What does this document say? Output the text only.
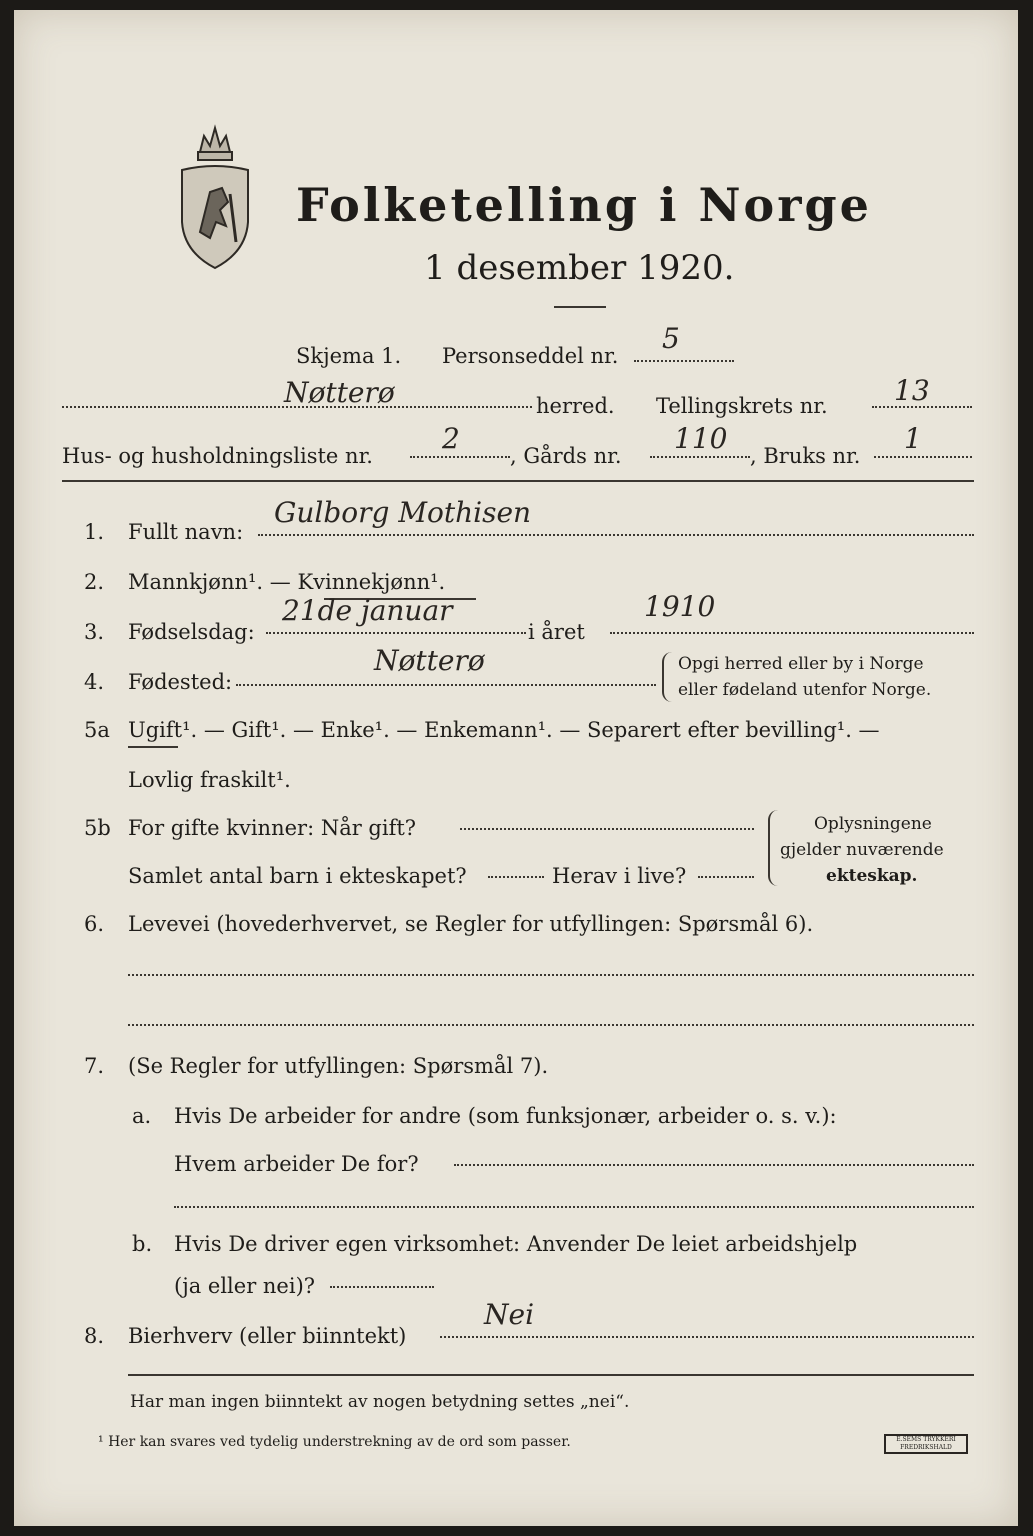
Folketelling i Norge
1 desember 1920.
Skjema 1. Personseddel nr.
5
Nøtterø	herred. Tellingskrets nr. 13
Hus- og husholdningsliste nr.
2
, Gårds nr.
110
, Bruks nr.
1
1. Fullt navn:
Gulborg Mothisen
2. Mannkjønn¹. — Kvinnekjønn¹.
3. Fødselsdag:
21de januar
i året
1910
4. Fødested:
Nøtterø	Opgi herred eller by i Norge
eller fødeland utenfor Norge.
5a Ugift¹. — Gift¹. — Enke¹. — Enkemann¹. — Separert efter bevilling¹. —
Lovlig fraskilt¹.
5b For gifte kvinner: Når gift?
Samlet antal barn i ekteskapet?	Herav i live?
Oplysningene
gjelder nuværende
ekteskap.
6. Levevei (hovederhvervet, se Regler for utfyllingen: Spørsmål 6).
7. (Se Regler for utfyllingen: Spørsmål 7).
a. Hvis De arbeider for andre (som funksjonær, arbeider o. s. v.):
Hvem arbeider De for?
b. Hvis De driver egen virksomhet: Anvender De leiet arbeidshjelp
(ja eller nei)?
8. Bierhverv (eller biinntekt)
Nei
Har man ingen biinntekt av nogen betydning settes „nei“.
¹ Her kan svares ved tydelig understrekning av de ord som passer.	E.SEMS TRYKKERI
FREDRIKSHALD
